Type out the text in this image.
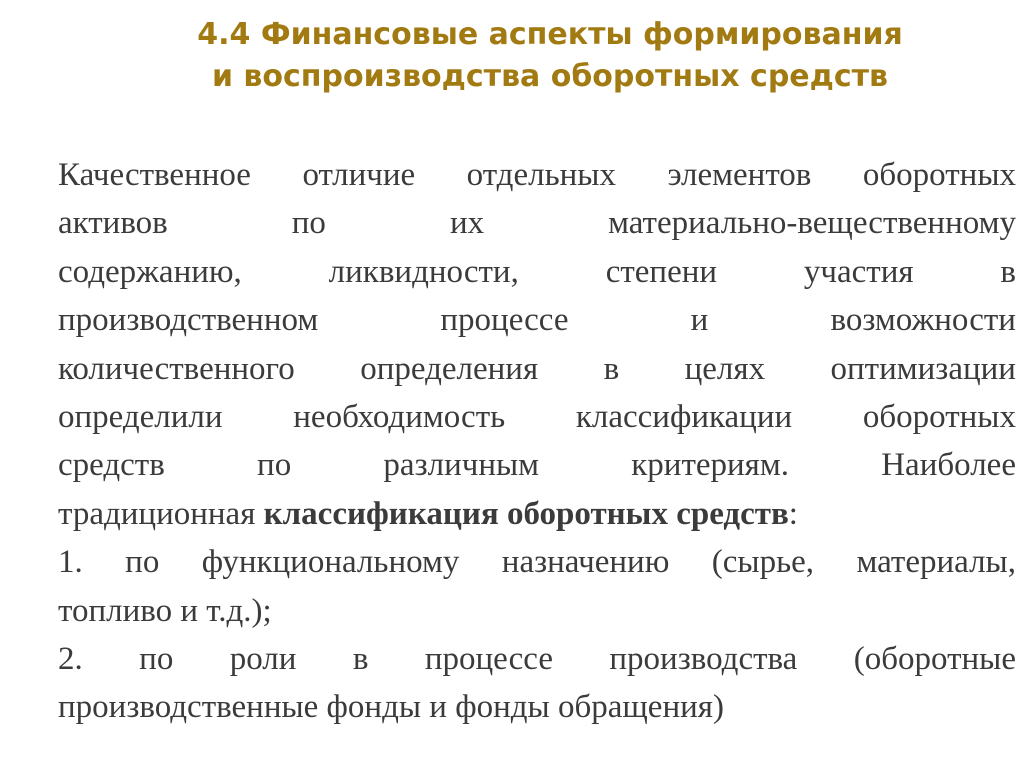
4.4 Финансовые аспекты формирования
и воспроизводства оборотных средств
Качественное отличие отдельных элементов оборотных
активов	по	их	материально-вещественному
содержанию,	ликвидности,	степени	участия	в
производственном	процессе	и	возможности
количественного определения в целях оптимизации
определили необходимость классификации оборотных
средств	по	различным	критериям.	Наиболее
традиционная классификация оборотных средств:
1. по функциональному назначению (сырье, материалы,
топливо и т.д.);
2. по роли в процессе производства (оборотные
производственные фонды и фонды обращения)
